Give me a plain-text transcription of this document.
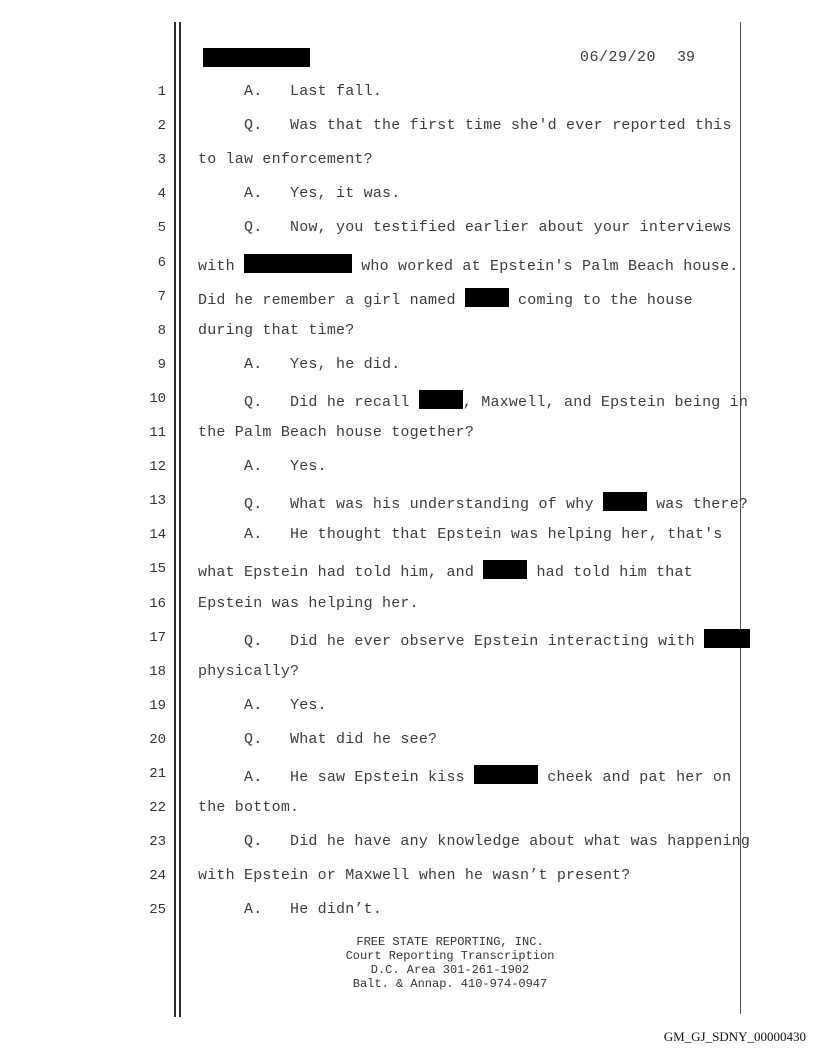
06/29/20 39
1 A.   Last fall.
2 Q.   Was that the first time she'd ever reported this
3 to law enforcement?
4 A.   Yes, it was.
5 Q.   Now, you testified earlier about your interviews
6 with	who worked at Epstein's Palm Beach house.
7 Did he remember a girl named	coming to the house
8 during that time?
9 A.   Yes, he did.
10 Q.   Did he recall	, Maxwell, and Epstein being in
11 the Palm Beach house together?
12 A.   Yes.
13 Q.   What was his understanding of why	was there?
14 A.   He thought that Epstein was helping her, that's
15 what Epstein had told him, and	had told him that
16 Epstein was helping her.
17 Q.   Did he ever observe Epstein interacting with
18 physically?
19 A.   Yes.
20 Q.   What did he see?
21 A.   He saw Epstein kiss	cheek and pat her on
22 the bottom.
23 Q.   Did he have any knowledge about what was happening
24 with Epstein or Maxwell when he wasn’t present?
25 A.   He didn’t.
FREE STATE REPORTING, INC.
Court Reporting Transcription
D.C. Area 301-261-1902
Balt. & Annap. 410-974-0947
GM_GJ_SDNY_00000430
